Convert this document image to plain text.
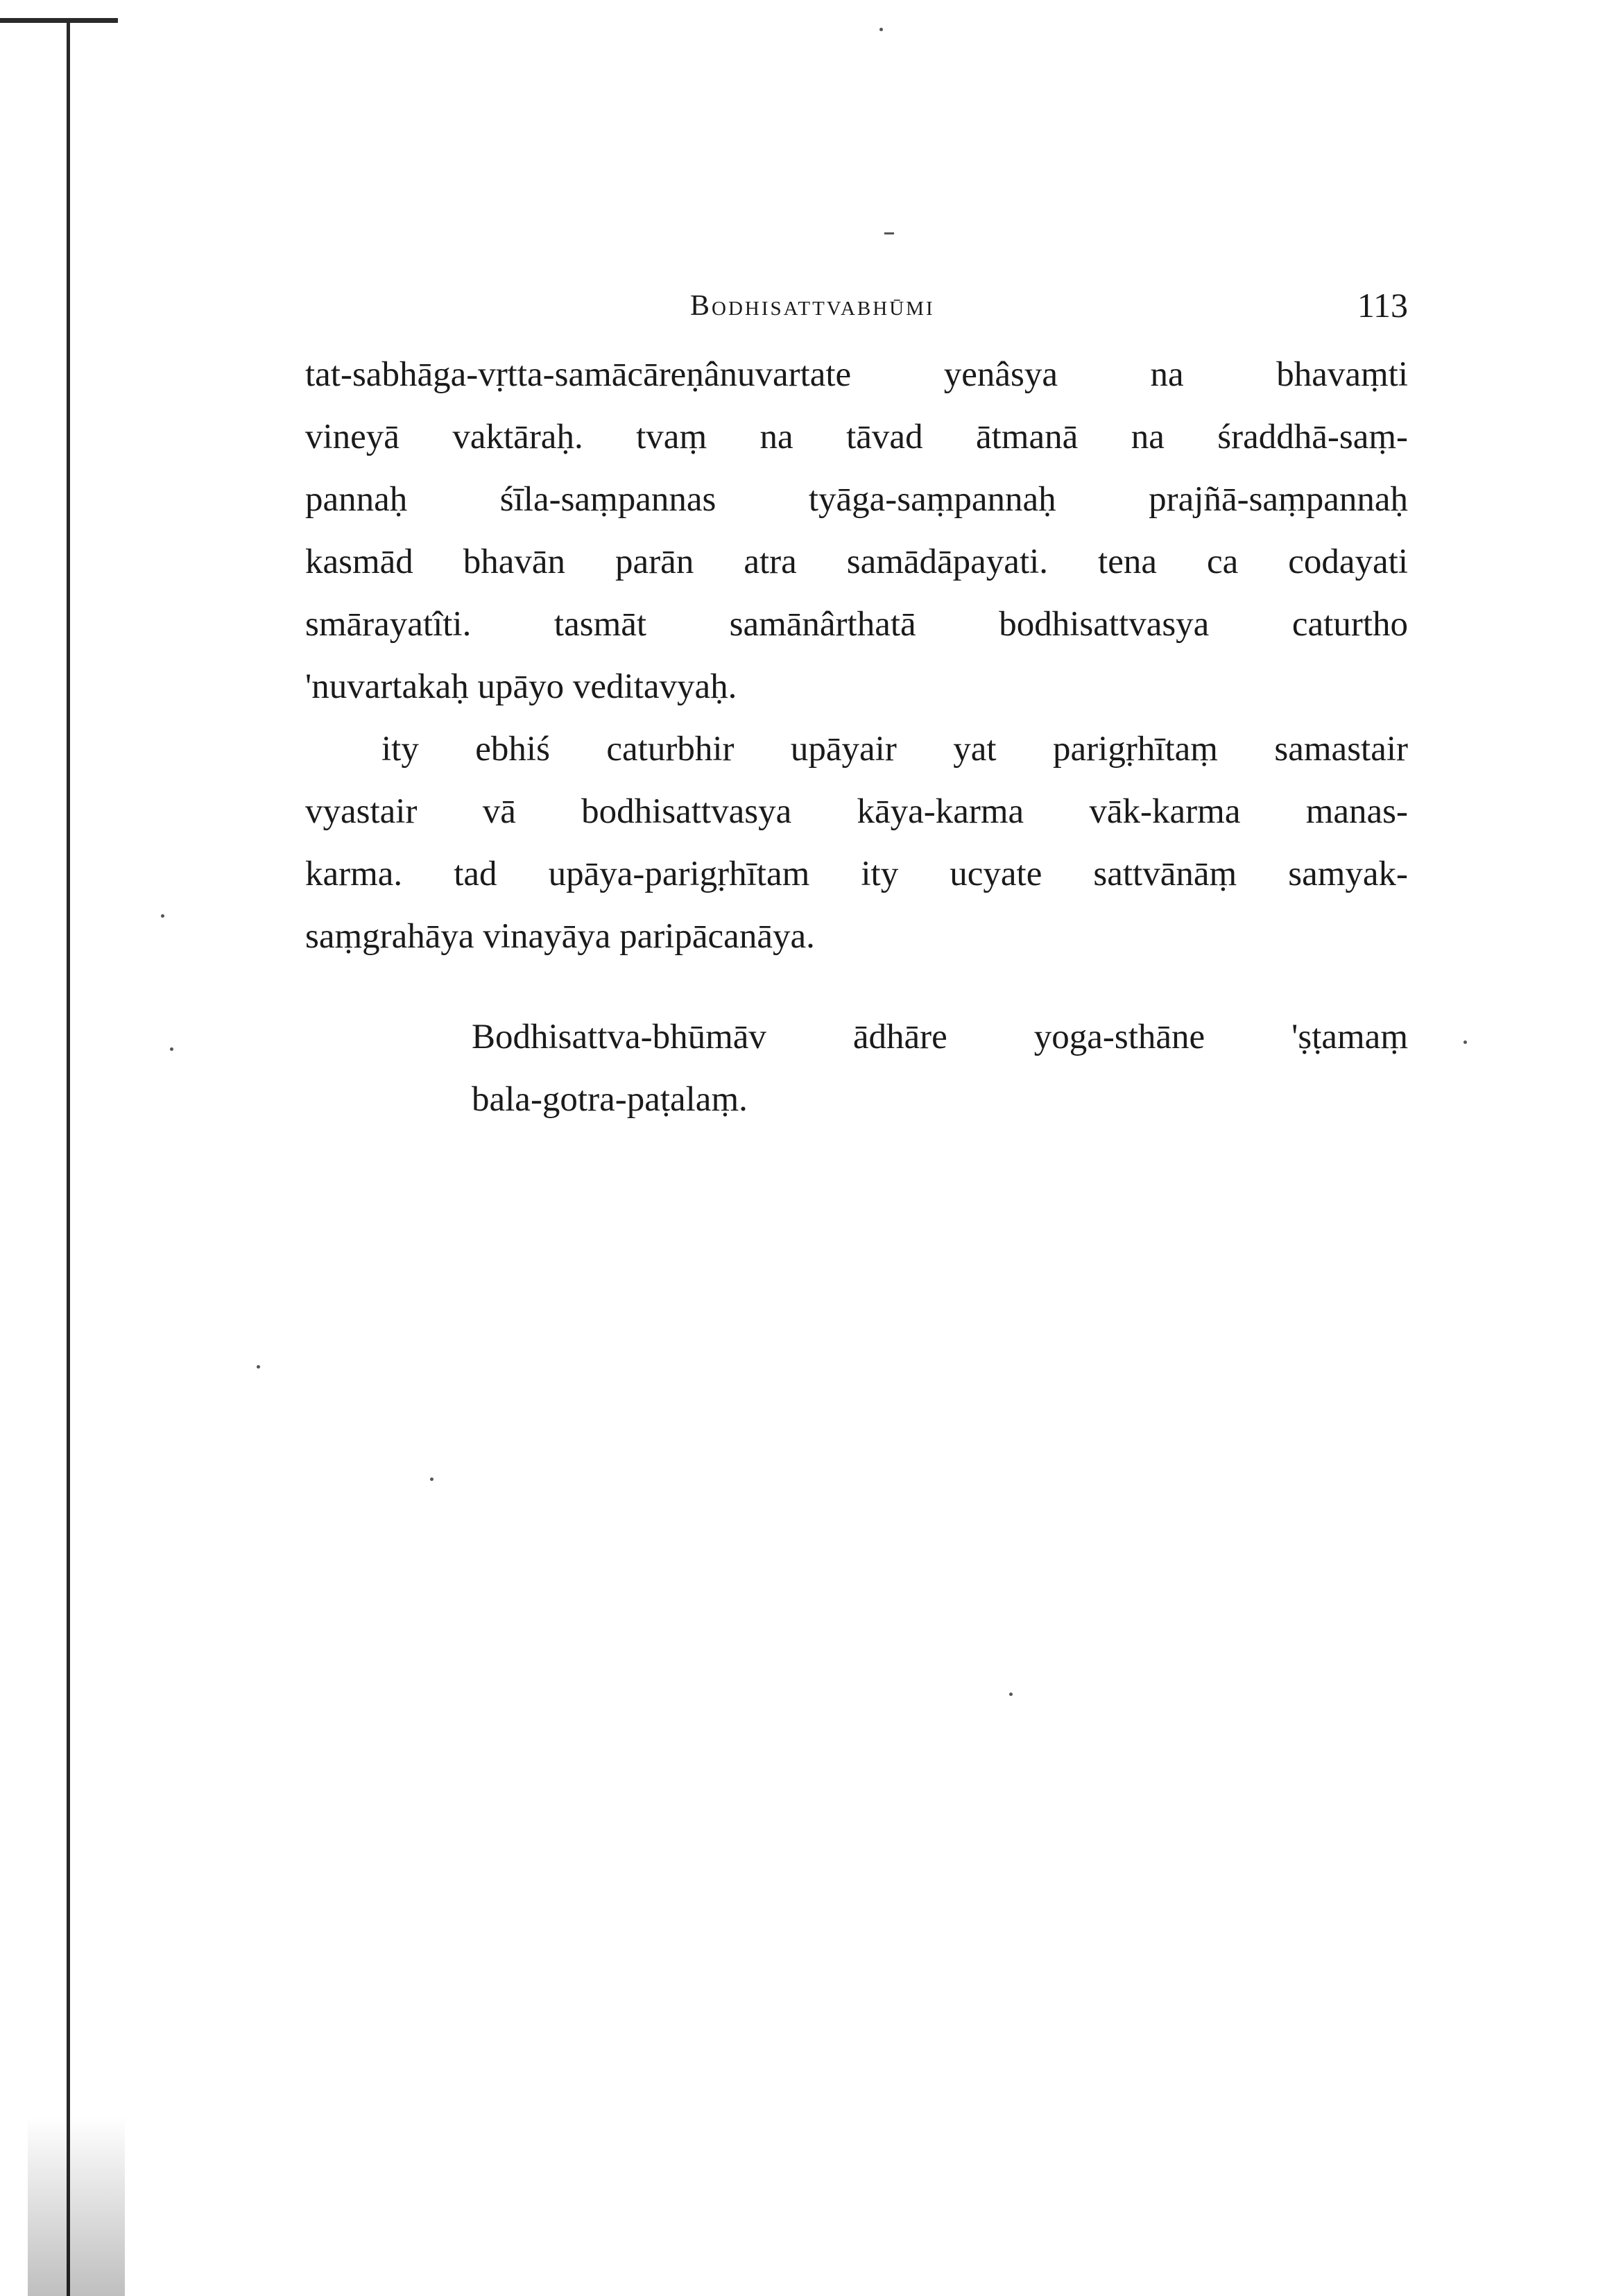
Bodhisattvabhūmi	113
tat-sabhāga-vṛtta-samācāreṇânuvartate yenâsya na bhavaṃti
vineyā vaktāraḥ. tvaṃ na tāvad ātmanā na śraddhā-saṃ-
pannaḥ śīla-saṃpannas tyāga-saṃpannaḥ prajñā-saṃpannaḥ
kasmād bhavān parān atra samādāpayati. tena ca codayati
smārayatîti. tasmāt samānârthatā bodhisattvasya caturtho
'nuvartakaḥ upāyo veditavyaḥ.
ity ebhiś caturbhir upāyair yat parigṛhītaṃ samastair
vyastair vā bodhisattvasya kāya-karma vāk-karma manas-
karma. tad upāya-parigṛhītam ity ucyate sattvānāṃ samyak-
saṃgrahāya vinayāya paripācanāya.
Bodhisattva-bhūmāv ādhāre yoga-sthāne 'ṣṭamaṃ
bala-gotra-paṭalaṃ.
